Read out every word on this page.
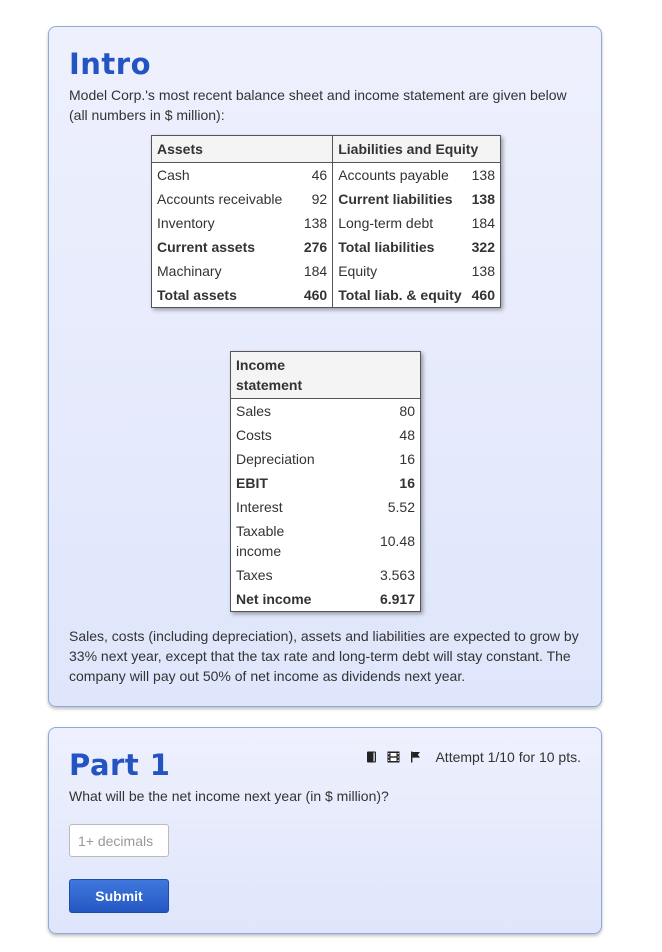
Intro

Model Corp.'s most recent balance sheet and income statement are given below (all numbers in $ million):

Assets		Liabilities and Equity	
Cash	46	Accounts payable	138
Accounts receivable	92	Current liabilities	138
Inventory	138	Long-term debt	184
Current assets	276	Total liabilities	322
Machinary	184	Equity	138
Total assets	460	Total liab. & equity	460
Income statement	

Sales	80
Costs	48
Depreciation	16
EBIT	16
Interest	5.52
Taxable income	10.48
Taxes	3.563
Net income	6.917

Sales, costs (including depreciation), assets and liabilities are expected to grow by 33% next year, except that the tax rate and long-term debt will stay constant. The company will pay out 50% of net income as dividends next year.

Part 1	Attempt 1/10 for 10 pts.

What will be the net income next year (in $ million)?

1+ decimals
Submit
